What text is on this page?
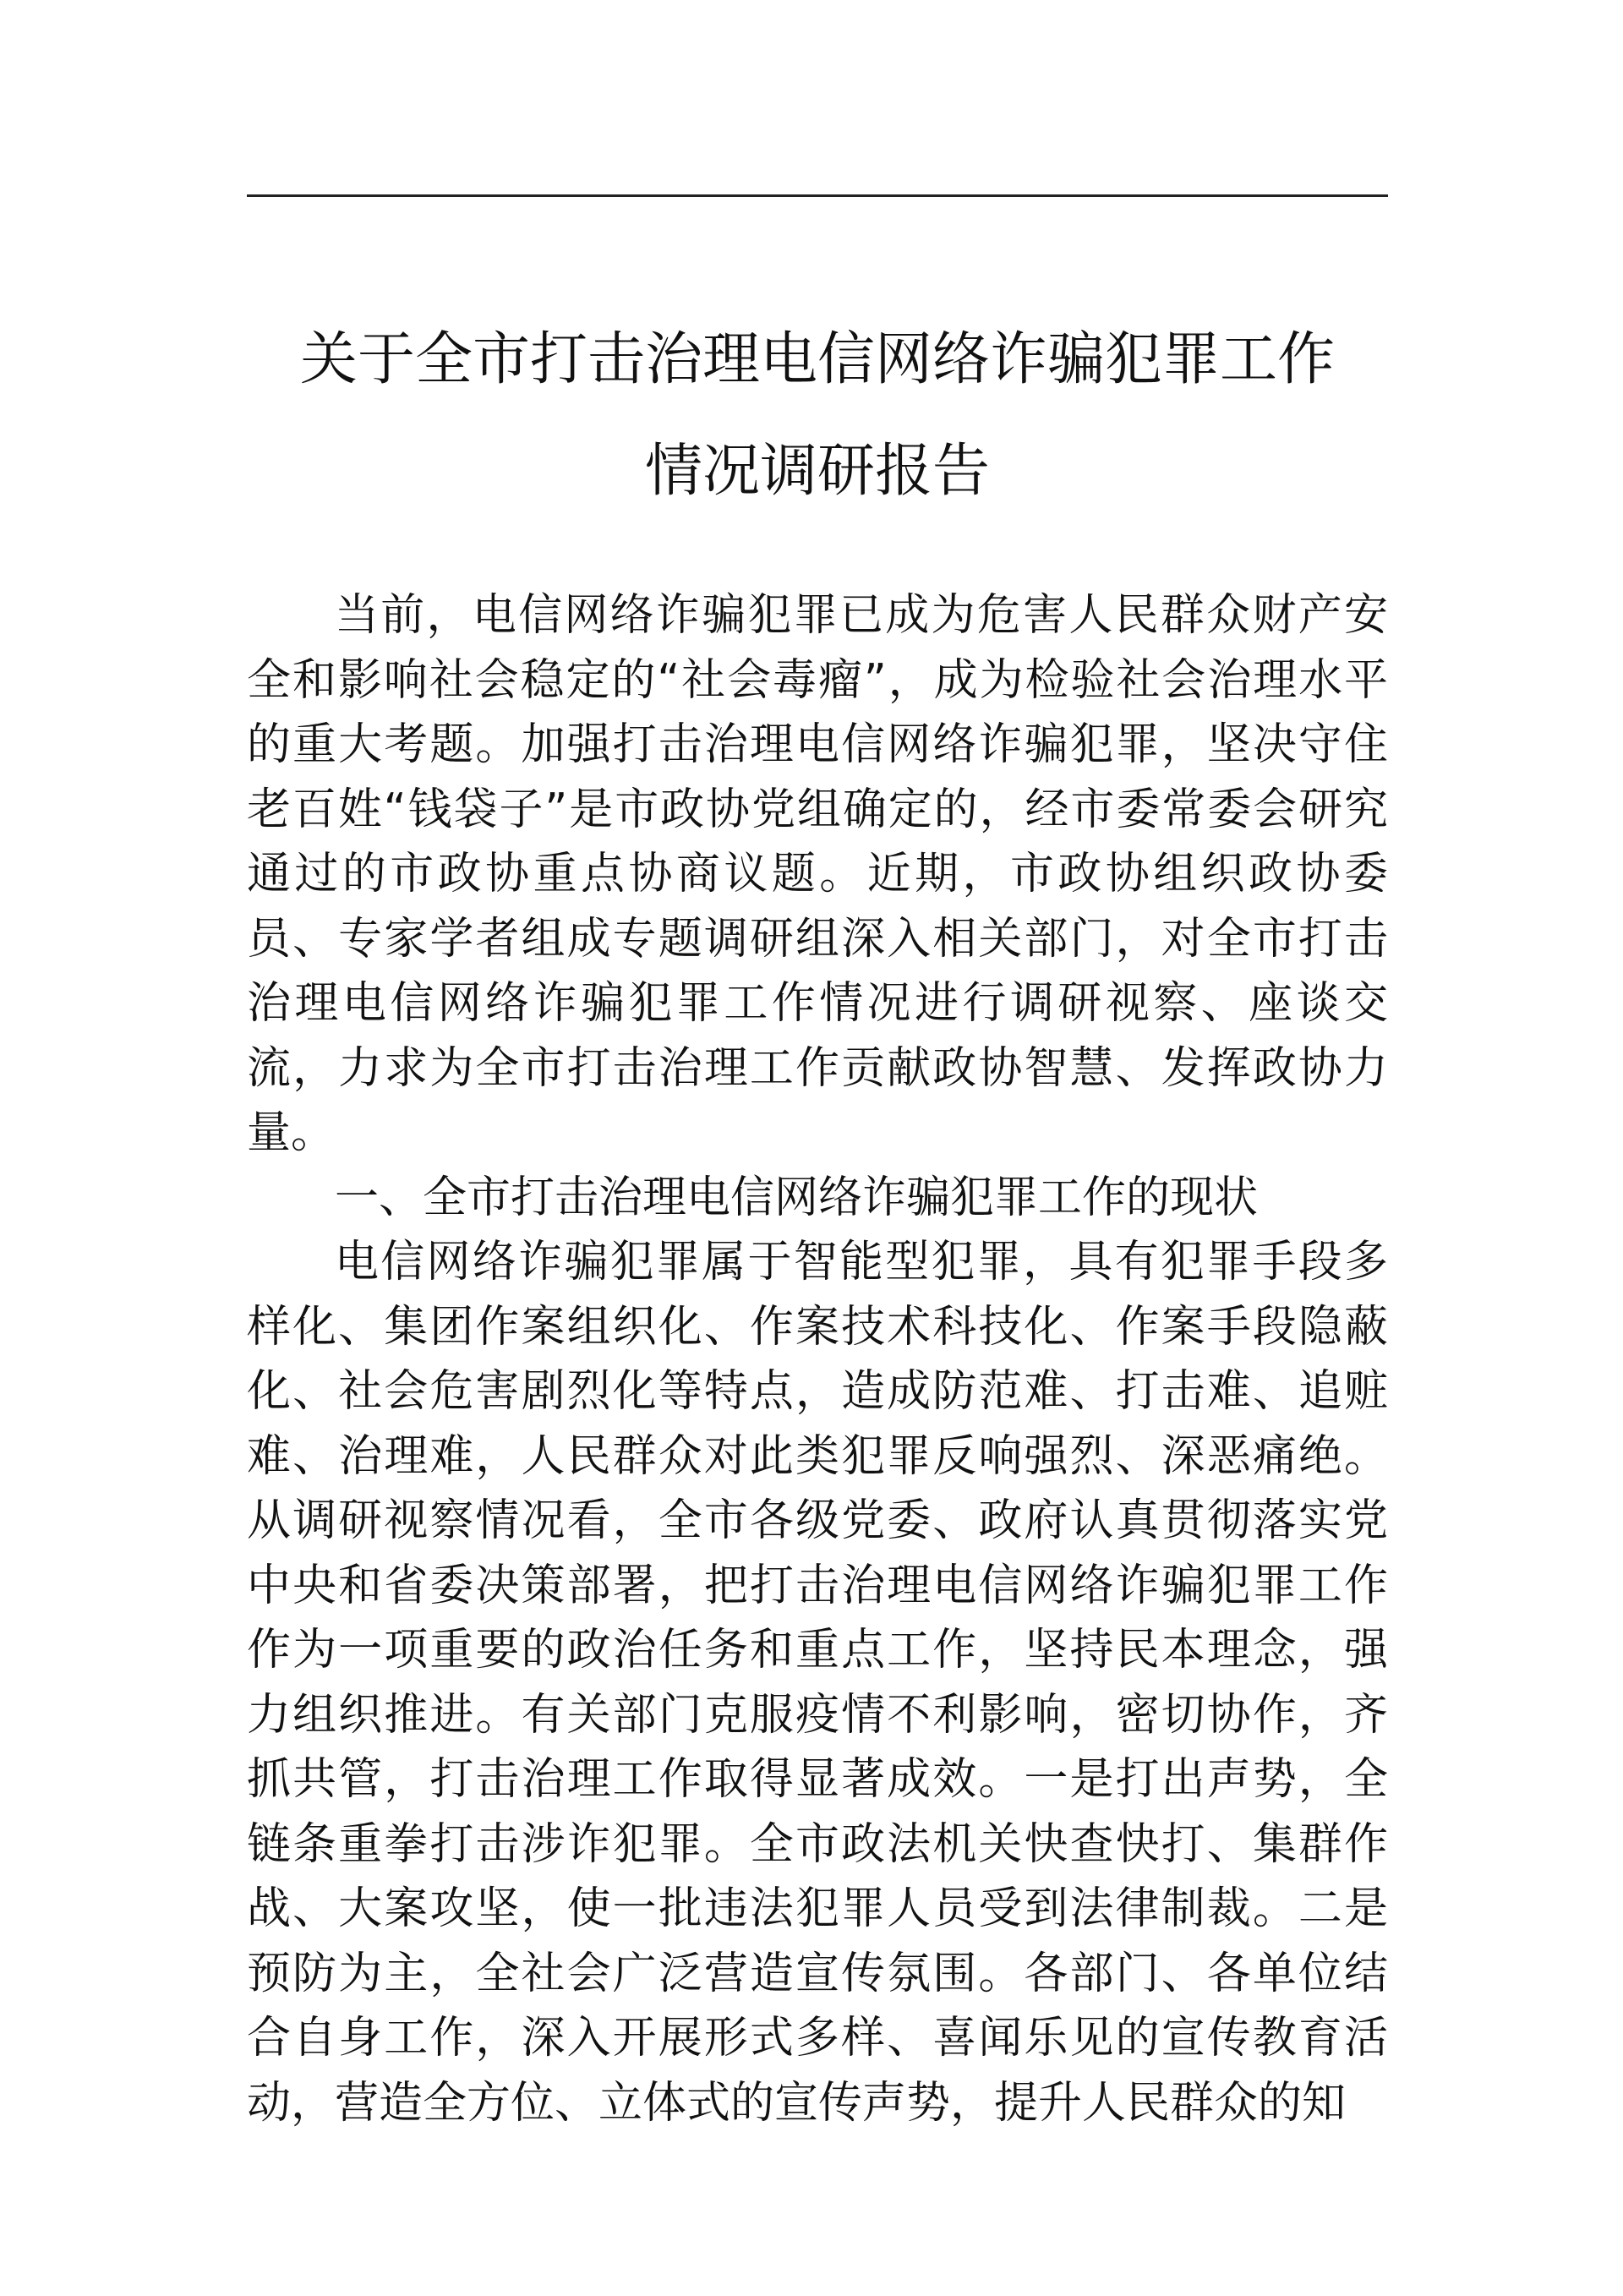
关于全市打击治理电信网络诈骗犯罪工作
情况调研报告

当前，电信网络诈骗犯罪已成为危害人民群众财产安全和影响社会稳定的“社会毒瘤”，成为检验社会治理水平的重大考题。加强打击治理电信网络诈骗犯罪，坚决守住老百姓“钱袋子”是市政协党组确定的，经市委常委会研究通过的市政协重点协商议题。近期，市政协组织政协委员、专家学者组成专题调研组深入相关部门，对全市打击治理电信网络诈骗犯罪工作情况进行调研视察、座谈交流，力求为全市打击治理工作贡献政协智慧、发挥政协力量。

一、全市打击治理电信网络诈骗犯罪工作的现状

电信网络诈骗犯罪属于智能型犯罪，具有犯罪手段多样化、集团作案组织化、作案技术科技化、作案手段隐蔽化、社会危害剧烈化等特点，造成防范难、打击难、追赃难、治理难，人民群众对此类犯罪反响强烈、深恶痛绝。从调研视察情况看，全市各级党委、政府认真贯彻落实党中央和省委决策部署，把打击治理电信网络诈骗犯罪工作作为一项重要的政治任务和重点工作，坚持民本理念，强力组织推进。有关部门克服疫情不利影响，密切协作，齐抓共管，打击治理工作取得显著成效。一是打出声势，全链条重拳打击涉诈犯罪。全市政法机关快查快打、集群作战、大案攻坚，使一批违法犯罪人员受到法律制裁。二是预防为主，全社会广泛营造宣传氛围。各部门、各单位结合自身工作，深入开展形式多样、喜闻乐见的宣传教育活动，营造全方位、立体式的宣传声势，提升人民群众的知
